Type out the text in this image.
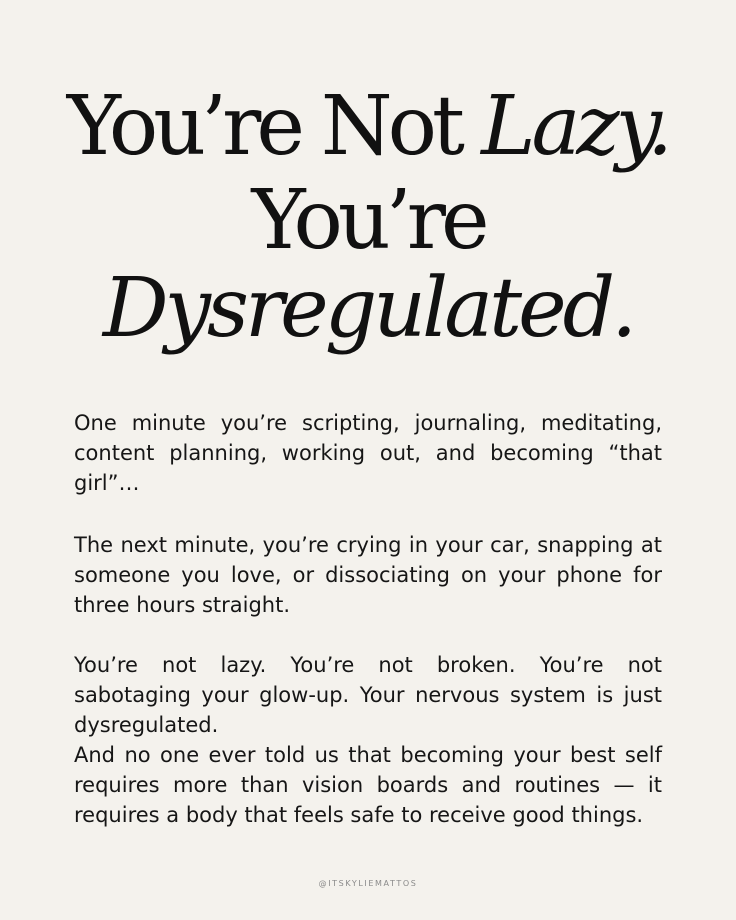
You’re Not Lazy.
You’re
Dysregulated.
One minute you’re scripting, journaling, meditating, content planning, working out, and becoming “that girl”…
The next minute, you’re crying in your car, snapping at someone you love, or dissociating on your phone for three hours straight.
You’re not lazy. You’re not broken. You’re not sabotaging your glow-up. Your nervous system is just dysregulated.
And no one ever told us that becoming your best self requires more than vision boards and routines — it requires a body that feels safe to receive good things.
@ITSKYLIEMATTOS
